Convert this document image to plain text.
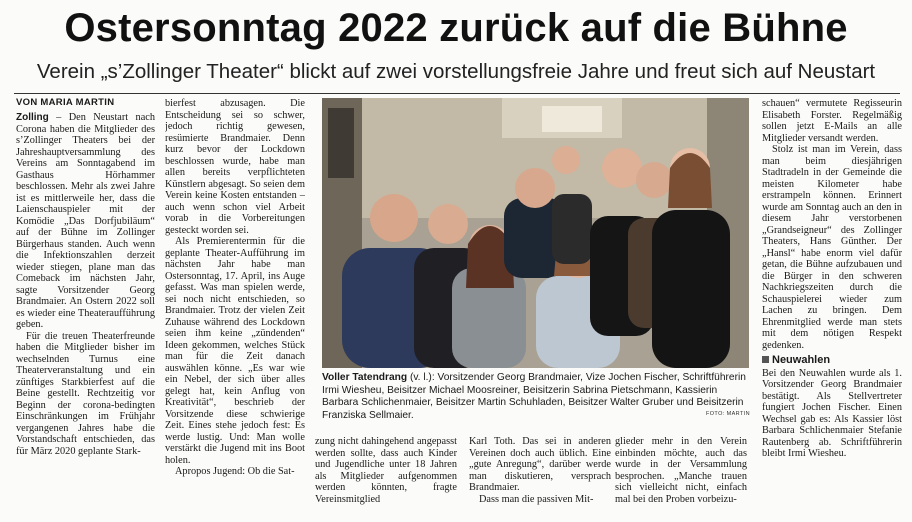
Ostersonntag 2022 zurück auf die Bühne
Verein „s’Zollinger Theater“ blickt auf zwei vorstellungsfreie Jahre und freut sich auf Neustart
VON MARIA MARTIN

Zolling – Den Neustart nach Corona haben die Mitglieder des s’Zollinger Theaters bei der Jahreshauptversammlung des Vereins am Sonntagabend im Gasthaus Hörhammer beschlossen. Mehr als zwei Jahre ist es mittlerweile her, dass die Laienschauspieler mit der Komödie „Das Dorfjubiläum“ auf der Bühne im Zollinger Bürgerhaus standen. Auch wenn die Infektionszahlen derzeit wieder stiegen, plane man das Comeback im nächsten Jahr, sagte Vorsitzender Georg Brandmaier. An Ostern 2022 soll es wieder eine Theateraufführung geben.

Für die treuen Theaterfreunde haben die Mitglieder bisher im wechselnden Turnus eine Theaterveranstaltung und ein zünftiges Starkbierfest auf die Beine gestellt. Rechtzeitig vor Beginn der corona-bedingten Einschränkungen im Frühjahr vergangenen Jahres habe die Vorstandschaft entschieden, das für März 2020 geplante Stark-

bierfest abzusagen. Die Entscheidung sei so schwer, jedoch richtig gewesen, resümierte Brandmaier. Denn kurz bevor der Lockdown beschlossen wurde, habe man allen bereits verpflichteten Künstlern abgesagt. So seien dem Verein keine Kosten entstanden – auch wenn schon viel Arbeit vorab in die Vorbereitungen gesteckt worden sei.

Als Premierentermin für die geplante Theater-Aufführung im nächsten Jahr habe man Ostersonntag, 17. April, ins Auge gefasst. Was man spielen werde, sei noch nicht entschieden, so Brandmaier. Trotz der vielen Zeit Zuhause während des Lockdown seien ihm keine „zündenden“ Ideen gekommen, welches Stück man für die Zeit danach auswählen könne. „Es war wie ein Nebel, der sich über alles gelegt hat, kein Anflug von Kreativität“, beschrieb der Vorsitzende diese schwierige Zeit. Eines stehe jedoch fest: Es werde lustig. Und: Man wolle verstärkt die Jugend mit ins Boot holen.

Apropos Jugend: Ob die Sat-

Voller Tatendrang (v. l.): Vorsitzender Georg Brandmaier, Vize Jochen Fischer, Schriftführerin Irmi Wiesheu, Beisitzer Michael Moosreiner, Beisitzerin Sabrina Pietschmann, Kassierin Barbara Schlichenmaier, Beisitzer Martin Schuhladen, Beisitzer Walter Gruber und Beisitzerin Franziska Sellmaier.	FOTO: MARTIN

zung nicht dahingehend angepasst werden sollte, dass auch Kinder und Jugendliche unter 18 Jahren als Mitglieder aufgenommen werden könnten, fragte Vereinsmitglied

Karl Toth. Das sei in anderen Vereinen doch auch üblich. Eine „gute Anregung“, darüber werde man diskutieren, versprach Brandmaier.

Dass man die passiven Mit-

glieder mehr in den Verein einbinden möchte, auch das wurde in der Versammlung besprochen. „Manche trauen sich vielleicht nicht, einfach mal bei den Proben vorbeizu-

schauen“ vermutete Regisseurin Elisabeth Forster. Regelmäßig sollen jetzt E-Mails an alle Mitglieder versandt werden.

Stolz ist man im Verein, dass man beim diesjährigen Stadtradeln in der Gemeinde die meisten Kilometer habe erstrampeln können. Erinnert wurde am Sonntag auch an den in diesem Jahr verstorbenen „Grandseigneur“ des Zollinger Theaters, Hans Günther. Der „Hansl“ habe enorm viel dafür getan, die Bühne aufzubauen und die Bürger in den schweren Nachkriegszeiten durch die Schauspielerei wieder zum Lachen zu bringen. Dem Ehrenmitglied werde man stets mit dem nötigen Respekt gedenken.

Neuwahlen

Bei den Neuwahlen wurde als 1. Vorsitzender Georg Brandmaier bestätigt. Als Stellvertreter fungiert Jochen Fischer. Einen Wechsel gab es: Als Kassier löst Barbara Schlichenmaier Stefanie Rautenberg ab. Schriftführerin bleibt Irmi Wiesheu.
